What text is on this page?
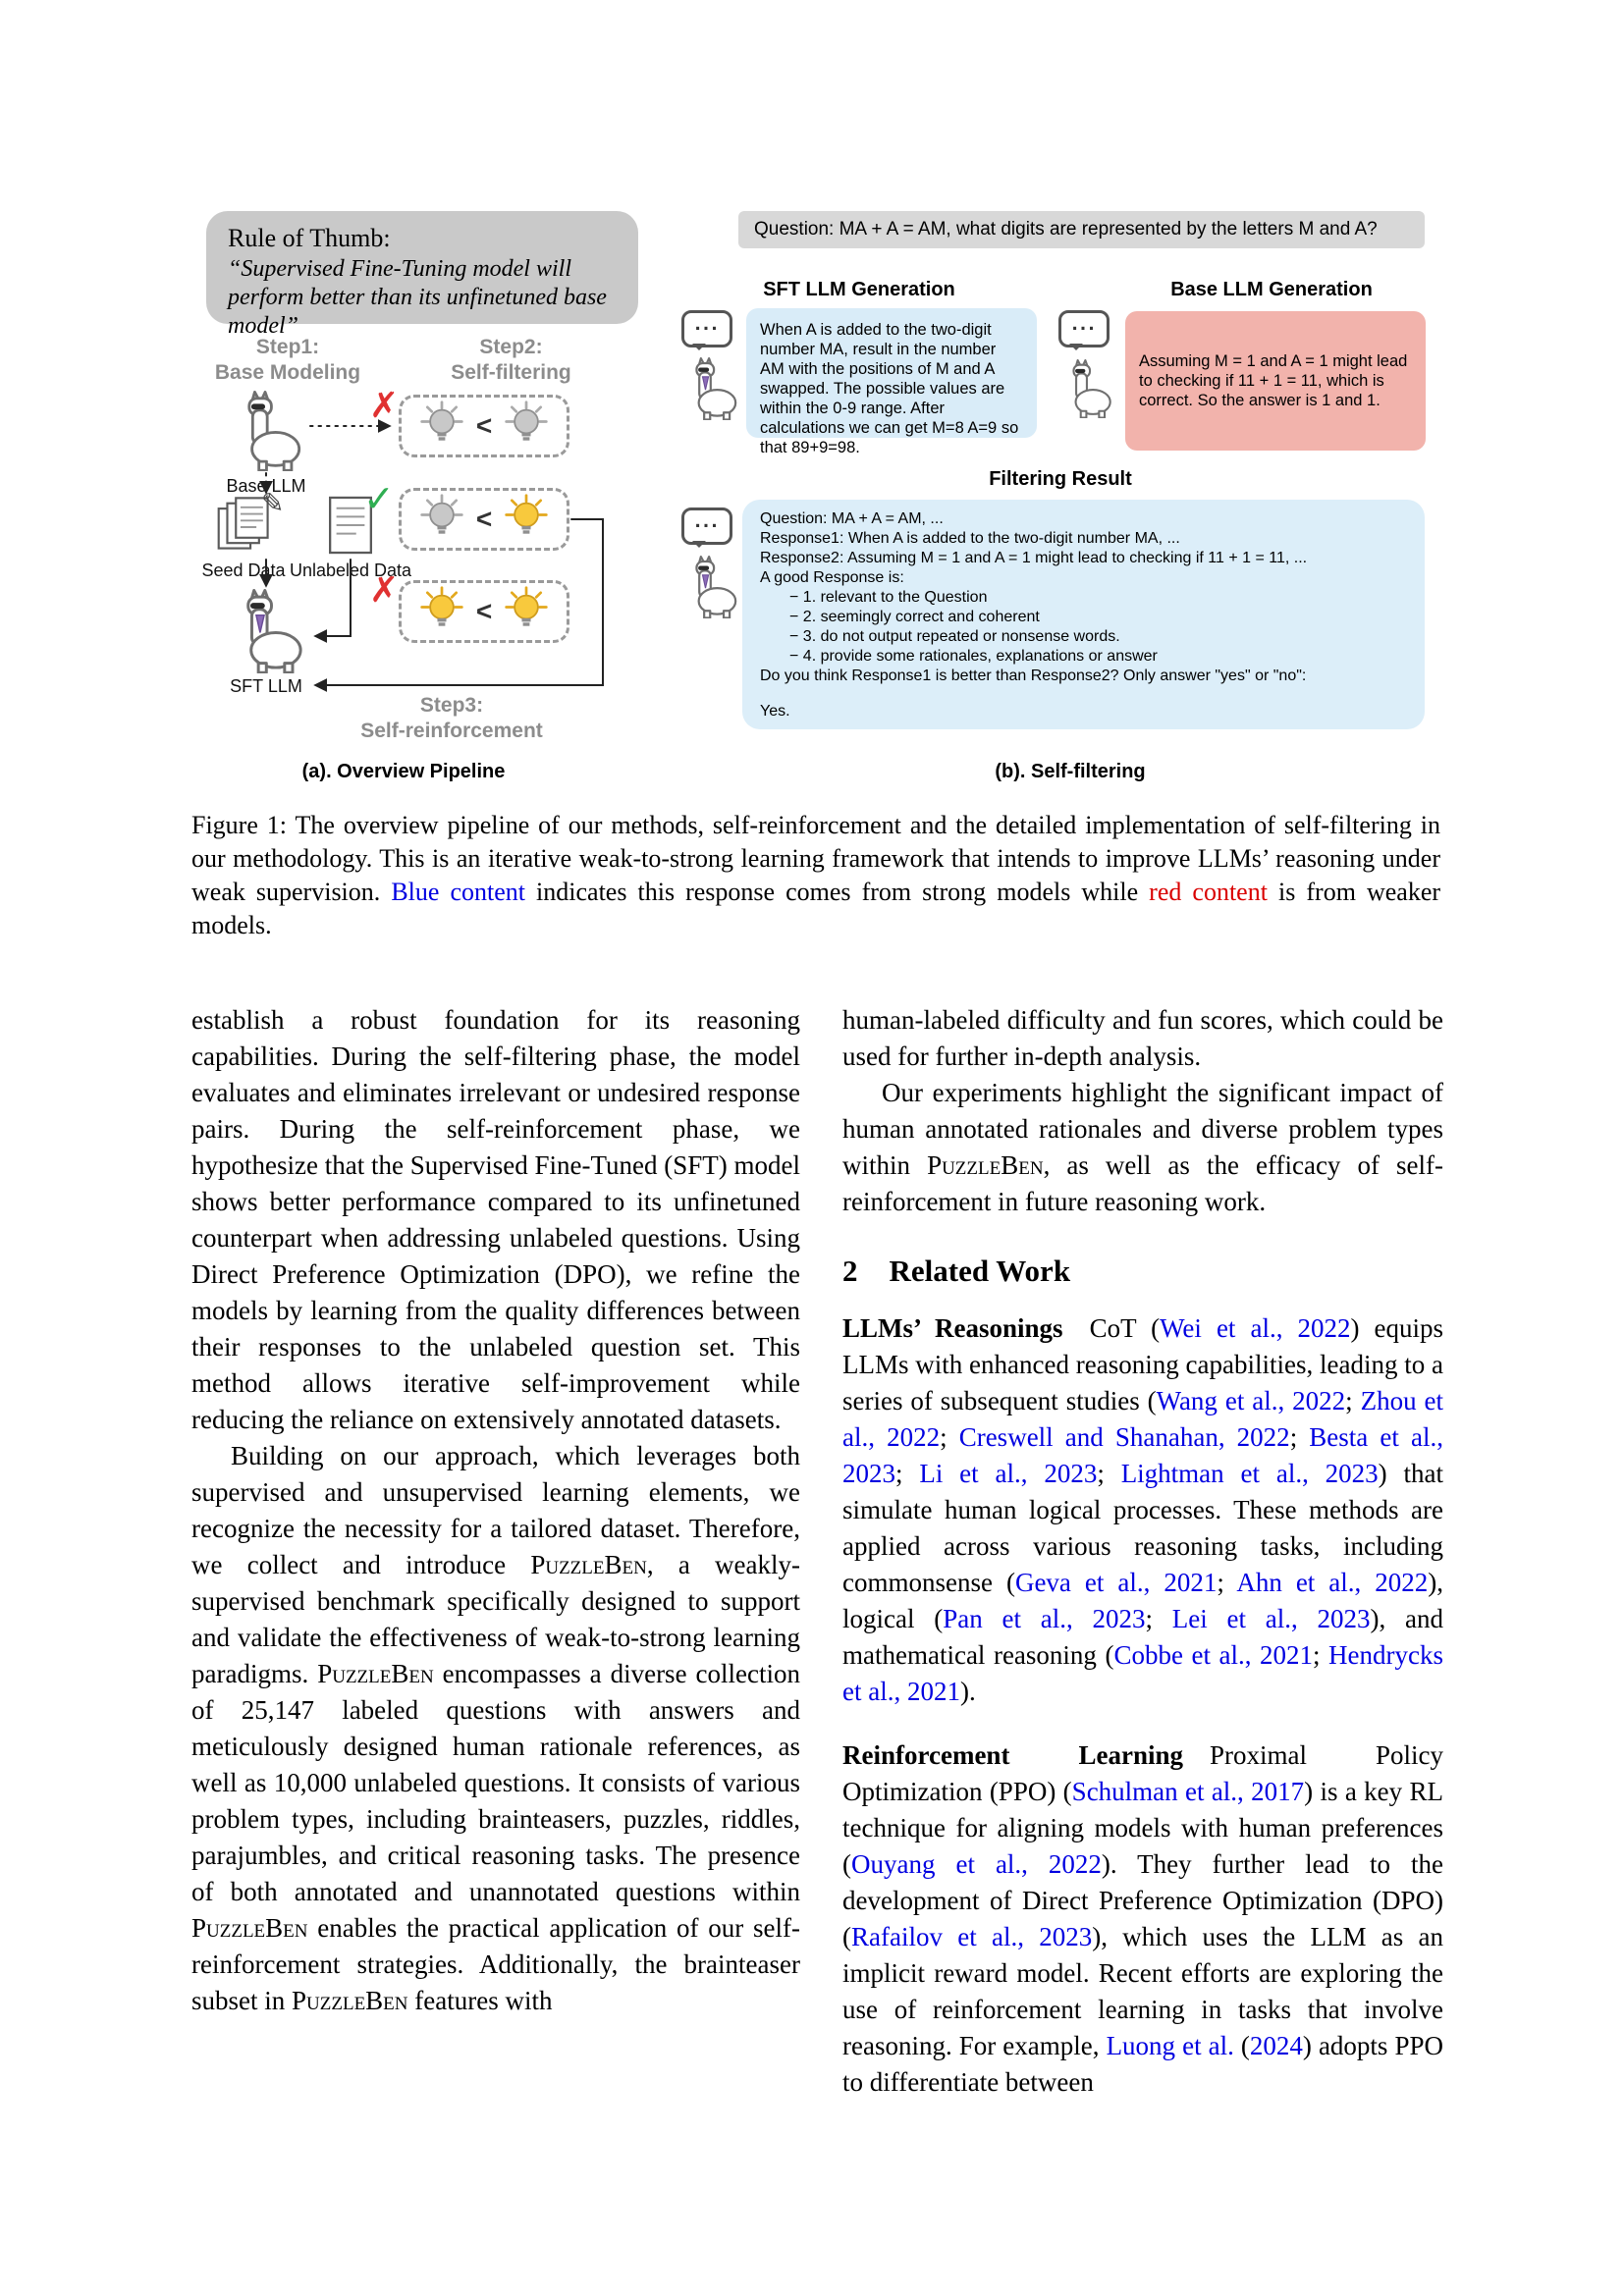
Rule of Thumb:
“Supervised Fine-Tuning model will perform better than its unfinetuned base model”
Step1:
Base Modeling
Step2:
Self-filtering
Base LLM
✎
Seed Data Unlabeled Data
✗	<
✓	<
✗
<
SFT LLM
Step3:
Self-reinforcement
(a). Overview Pipeline
Question: MA + A = AM, what digits are represented by the letters M and A?
SFT LLM Generation	Base LLM Generation
...	When A is added to the two-digit number MA, result in the number AM with the positions of M and A swapped. The possible values are within the 0-9 range. After calculations we can get M=8 A=9 so that 89+9=98.
...
Assuming M = 1 and A = 1 might lead to checking if 11 + 1 = 11, which is correct. So the answer is 1 and 1.
Filtering Result
...	Question: MA + A = AM, ...
Response1: When A is added to the two-digit number MA, ...
Response2: Assuming M = 1 and A = 1 might lead to checking if 11 + 1 = 11, ...
A good Response is:
− 1. relevant to the Question
− 2. seemingly correct and coherent
− 3. do not output repeated or nonsense words.
− 4. provide some rationales, explanations or answer
Do you think Response1 is better than Response2? Only answer "yes" or "no":
Yes.
(b). Self-filtering
Figure 1: The overview pipeline of our methods, self-reinforcement and the detailed implementation of self-filtering in our methodology. This is an iterative weak-to-strong learning framework that intends to improve LLMs’ reasoning under weak supervision. Blue content indicates this response comes from strong models while red content is from weaker models.

establish a robust foundation for its reasoning capabilities. During the self-filtering phase, the model evaluates and eliminates irrelevant or undesired response pairs. During the self-reinforcement phase, we hypothesize that the Supervised Fine-Tuned (SFT) model shows better performance compared to its unfinetuned counterpart when addressing unlabeled questions. Using Direct Preference Optimization (DPO), we refine the models by learning from the quality differences between their responses to the unlabeled question set. This method allows iterative self-improvement while reducing the reliance on extensively annotated datasets.

Building on our approach, which leverages both supervised and unsupervised learning elements, we recognize the necessity for a tailored dataset. Therefore, we collect and introduce PuzzleBen, a weakly-supervised benchmark specifically designed to support and validate the effectiveness of weak-to-strong learning paradigms. PuzzleBen encompasses a diverse collection of 25,147 labeled questions with answers and meticulously designed human rationale references, as well as 10,000 unlabeled questions. It consists of various problem types, including brainteasers, puzzles, riddles, parajumbles, and critical reasoning tasks. The presence of both annotated and unannotated questions within PuzzleBen enables the practical application of our self-reinforcement strategies. Additionally, the brainteaser subset in PuzzleBen features with

human-labeled difficulty and fun scores, which could be used for further in-depth analysis.

Our experiments highlight the significant impact of human annotated rationales and diverse problem types within PuzzleBen, as well as the efficacy of self-reinforcement in future reasoning work.

2 Related Work

LLMs’ Reasonings CoT (Wei et al., 2022) equips LLMs with enhanced reasoning capabilities, leading to a series of subsequent studies (Wang et al., 2022; Zhou et al., 2022; Creswell and Shanahan, 2022; Besta et al., 2023; Li et al., 2023; Lightman et al., 2023) that simulate human logical processes. These methods are applied across various reasoning tasks, including commonsense (Geva et al., 2021; Ahn et al., 2022), logical (Pan et al., 2023; Lei et al., 2023), and mathematical reasoning (Cobbe et al., 2021; Hendrycks et al., 2021).

Reinforcement Learning Proximal Policy Optimization (PPO) (Schulman et al., 2017) is a key RL technique for aligning models with human preferences (Ouyang et al., 2022). They further lead to the development of Direct Preference Optimization (DPO) (Rafailov et al., 2023), which uses the LLM as an implicit reward model. Recent efforts are exploring the use of reinforcement learning in tasks that involve reasoning. For example, Luong et al. (2024) adopts PPO to differentiate between
